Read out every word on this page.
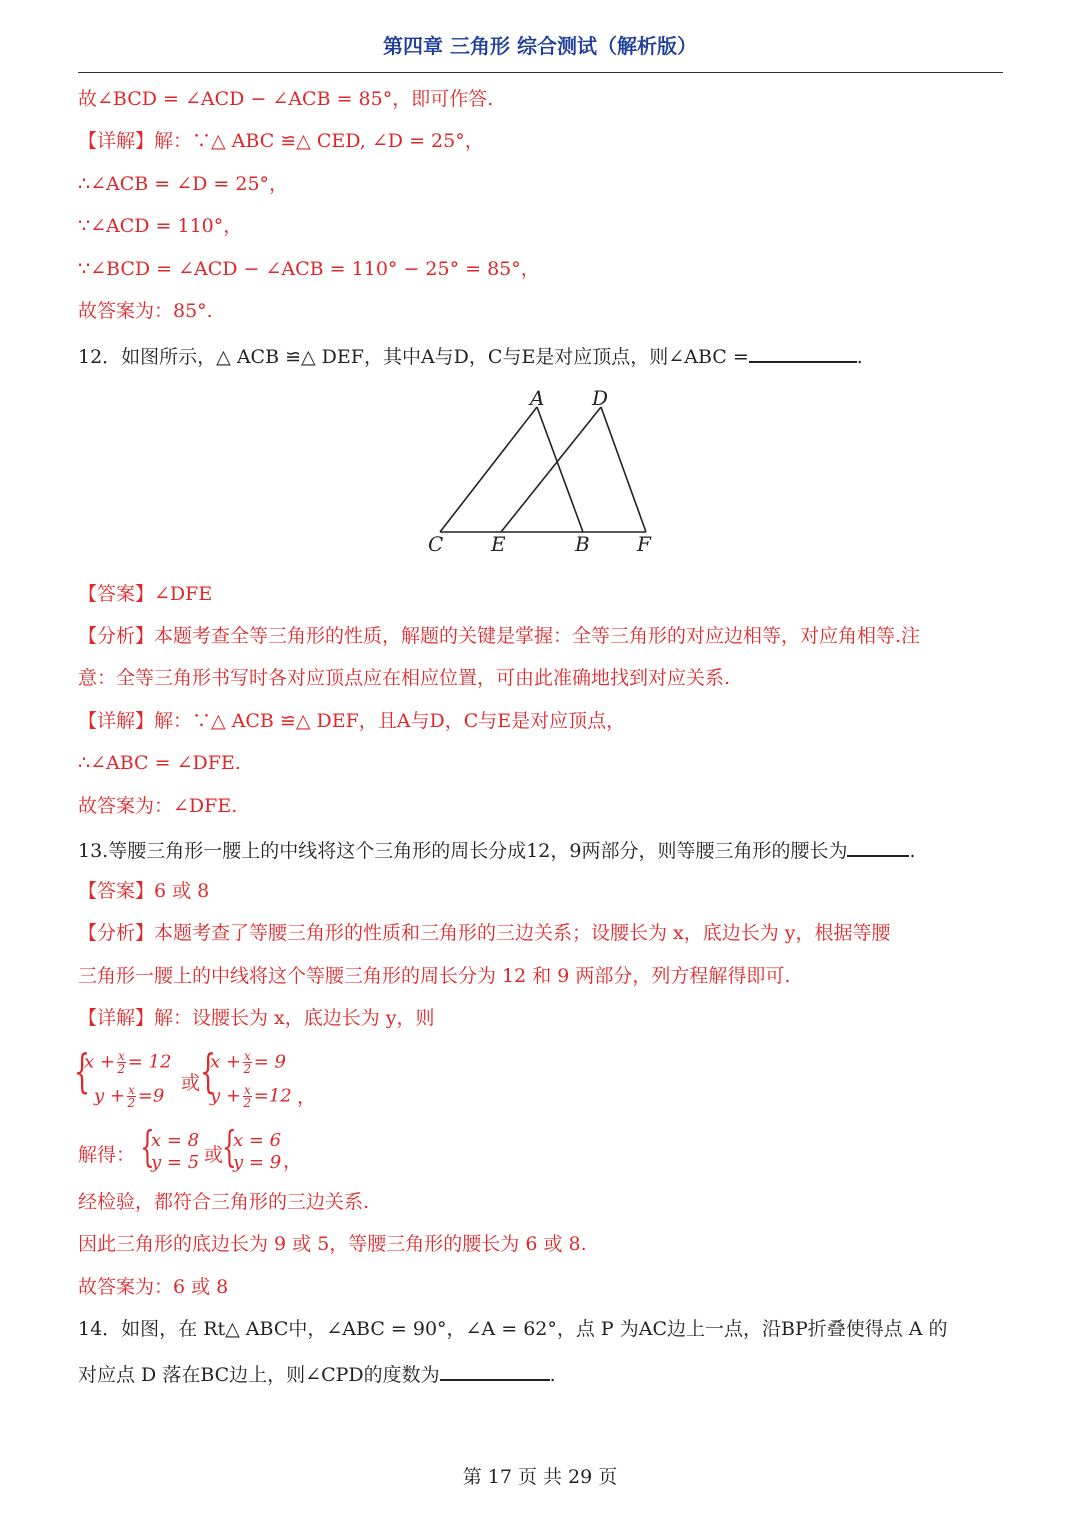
第四章 三角形 综合测试（解析版）
故∠BCD = ∠ACD − ∠ACB = 85°，即可作答.
【详解】解：∵△ ABC ≌△ CED, ∠D = 25°，
∴∠ACB = ∠D = 25°，
∵∠ACD = 110°，
∵∠BCD = ∠ACD − ∠ACB = 110° − 25° = 85°，
故答案为：85°.
12．如图所示，△ ACB ≌△ DEF，其中A与D，C与E是对应顶点，则∠ABC =	.
A D
C E	B F
【答案】∠DFE
【分析】本题考查全等三角形的性质，解题的关键是掌握：全等三角形的对应边相等，对应角相等.注
意：全等三角形书写时各对应顶点应在相应位置，可由此准确地找到对应关系.
【详解】解：∵△ ACB ≌△ DEF，且A与D，C与E是对应顶点，
∴∠ABC = ∠DFE.
故答案为：∠DFE.
13.等腰三角形一腰上的中线将这个三角形的周长分成12，9两部分，则等腰三角形的腰长为	.
【答案】6 或 8
【分析】本题考查了等腰三角形的性质和三角形的三边关系；设腰长为 x，底边长为 y，根据等腰
三角形一腰上的中线将这个等腰三角形的周长分为 12 和 9 两部分，列方程解得即可.
【详解】解：设腰长为 x，底边长为 y，则
{
$x + \frac{x}{2} = 12$
$y + \frac{x}{2} =9$
或 {
$x + \frac{x}{2} = 9$
$y + \frac{x}{2} =12$ ，
解得： {
x = 8
y = 5 或
{
x = 6
y = 9 ，
经检验，都符合三角形的三边关系.
因此三角形的底边长为 9 或 5，等腰三角形的腰长为 6 或 8.
故答案为：6 或 8
14．如图，在 Rt△ ABC中，∠ABC = 90°，∠A = 62°，点 P 为AC边上一点，沿BP折叠使得点 A 的
对应点 D 落在BC边上，则∠CPD的度数为	.
第 17 页 共 29 页
